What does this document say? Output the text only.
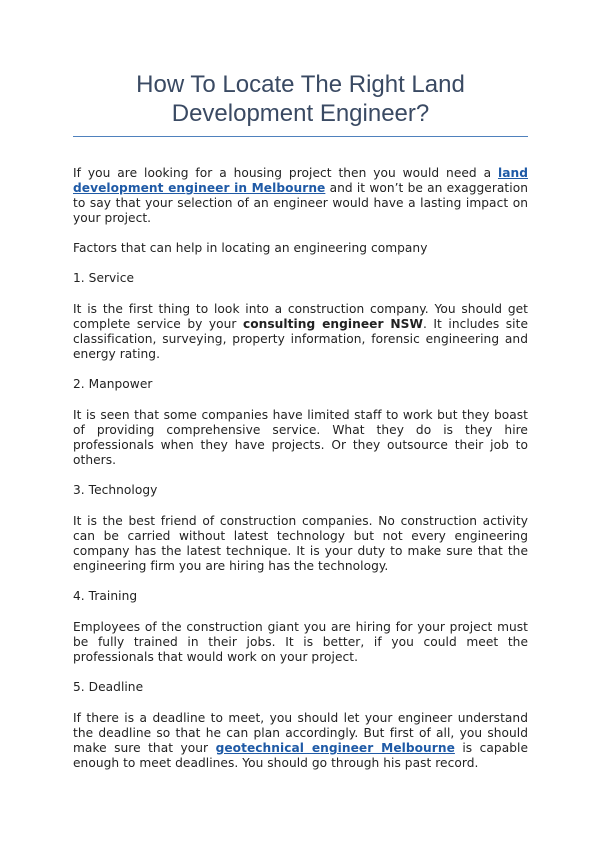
How To Locate The Right Land
Development Engineer?

If you are looking for a housing project then you would need a land development engineer in Melbourne and it won’t be an exaggeration to say that your selection of an engineer would have a lasting impact on your project.

Factors that can help in locating an engineering company

1. Service

It is the first thing to look into a construction company. You should get complete service by your consulting engineer NSW. It includes site classification, surveying, property information, forensic engineering and energy rating.

2. Manpower

It is seen that some companies have limited staff to work but they boast of providing comprehensive service. What they do is they hire professionals when they have projects. Or they outsource their job to others.

3. Technology

It is the best friend of construction companies. No construction activity can be carried without latest technology but not every engineering company has the latest technique. It is your duty to make sure that the engineering firm you are hiring has the technology.

4. Training

Employees of the construction giant you are hiring for your project must be fully trained in their jobs. It is better, if you could meet the professionals that would work on your project.

5. Deadline

If there is a deadline to meet, you should let your engineer understand the deadline so that he can plan accordingly. But first of all, you should make sure that your geotechnical engineer Melbourne is capable enough to meet deadlines. You should go through his past record.
